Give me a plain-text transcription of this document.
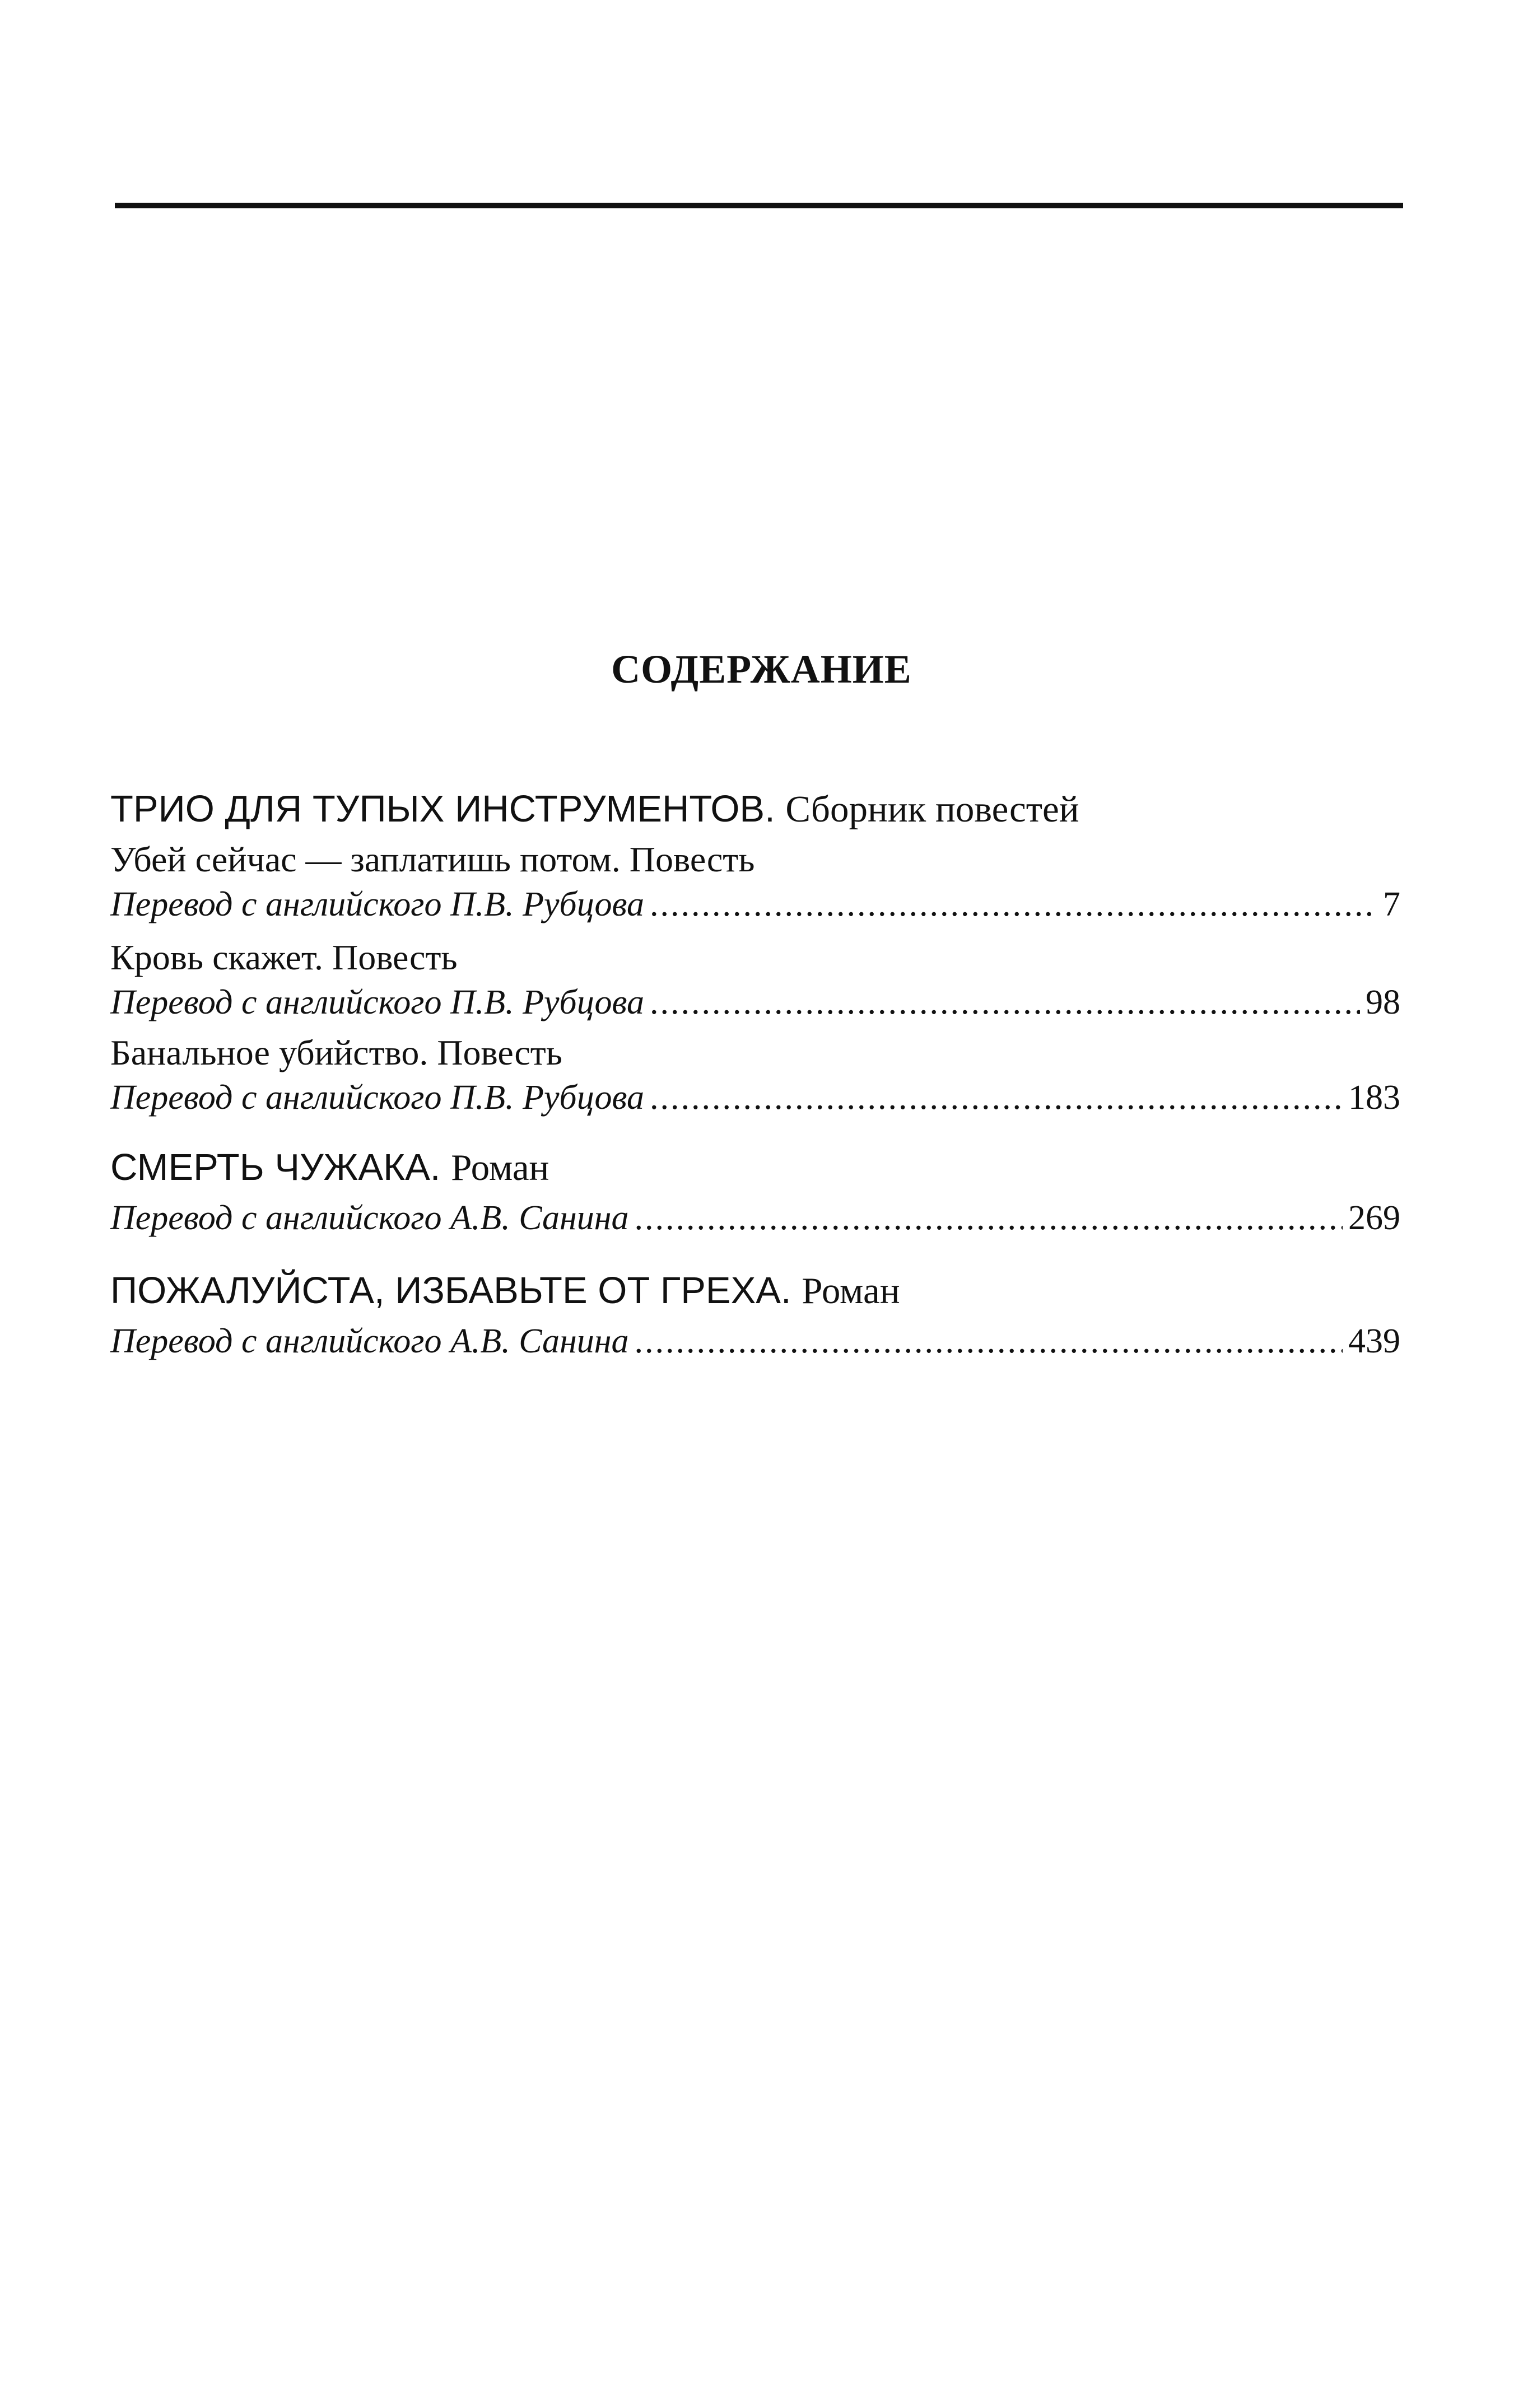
СОДЕРЖАНИЕ
ТРИО ДЛЯ ТУПЫХ ИНСТРУМЕНТОВ. Сборник повестей
Убей сейчас — заплатишь потом. Повесть
Перевод с английского П.В. Рубцова .....	7
Кровь скажет. Повесть
Перевод с английского П.В. Рубцова .....	98
Банальное убийство. Повесть
Перевод с английского П.В. Рубцова .....	183
СМЕРТЬ ЧУЖАКА. Роман
Перевод с английского А.В. Санина .....	269
ПОЖАЛУЙСТА, ИЗБАВЬТЕ ОТ ГРЕХА. Роман
Перевод с английского А.В. Санина .....	439
